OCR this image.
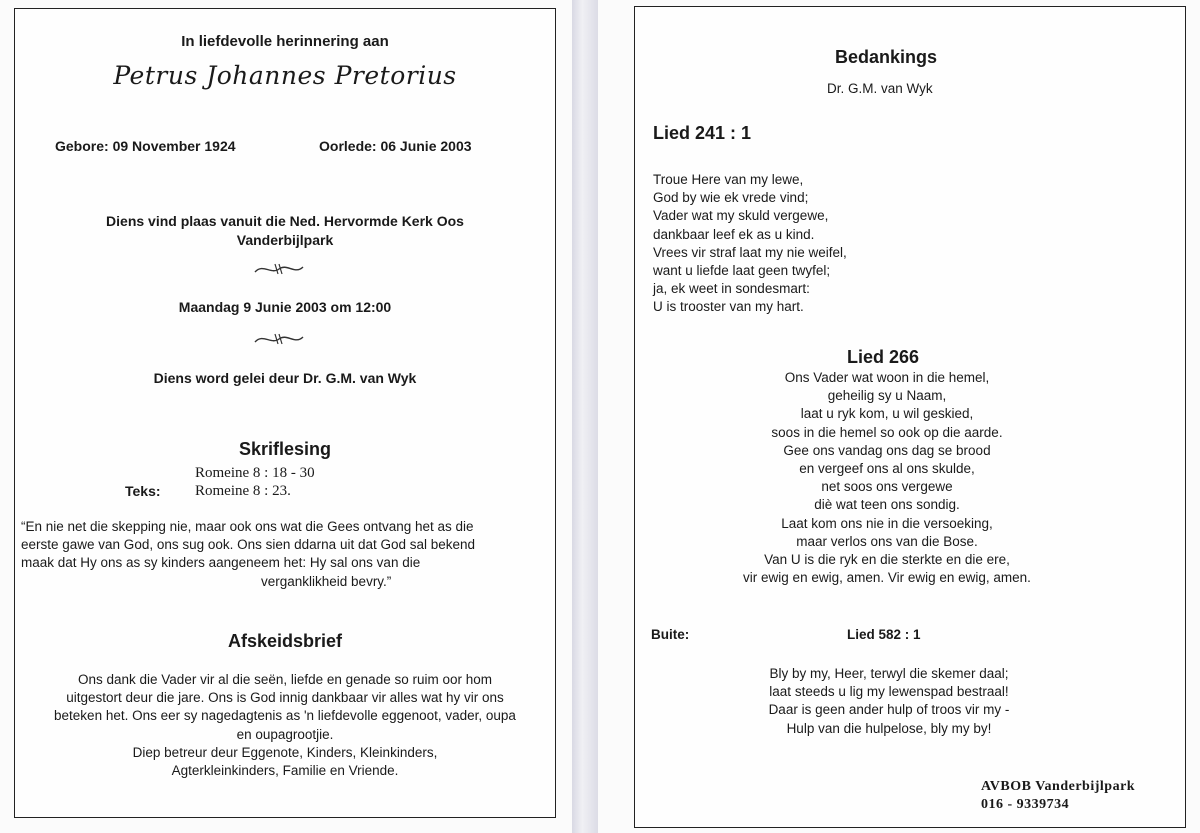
In liefdevolle herinnering aan
Petrus Johannes Pretorius
Gebore: 09 November 1924	Oorlede: 06 Junie 2003
Diens vind plaas vanuit die Ned. Hervormde Kerk Oos
Vanderbijlpark
Maandag 9 Junie 2003 om 12:00
Diens word gelei deur Dr. G.M. van Wyk
Skriflesing
Romeine 8 : 18 - 30
Teks: Romeine 8 : 23.
“En nie net die skepping nie, maar ook ons wat die Gees ontvang het as die
eerste gawe van God, ons sug ook. Ons sien ddarna uit dat God sal bekend
maak dat Hy ons as sy kinders aangeneem het: Hy sal ons van die
verganklikheid bevry.”
Afskeidsbrief
Ons dank die Vader vir al die seën, liefde en genade so ruim oor hom
uitgestort deur die jare. Ons is God innig dankbaar vir alles wat hy vir ons
beteken het. Ons eer sy nagedagtenis as 'n liefdevolle eggenoot, vader, oupa
en oupagrootjie.
Diep betreur deur Eggenote, Kinders, Kleinkinders,
Agterkleinkinders, Familie en Vriende.
Bedankings
Dr. G.M. van Wyk
Lied 241 : 1
Troue Here van my lewe,
God by wie ek vrede vind;
Vader wat my skuld vergewe,
dankbaar leef ek as u kind.
Vrees vir straf laat my nie weifel,
want u liefde laat geen twyfel;
ja, ek weet in sondesmart:
U is trooster van my hart.
Lied 266
Ons Vader wat woon in die hemel,
geheilig sy u Naam,
laat u ryk kom, u wil geskied,
soos in die hemel so ook op die aarde.
Gee ons vandag ons dag se brood
en vergeef ons al ons skulde,
net soos ons vergewe
diè wat teen ons sondig.
Laat kom ons nie in die versoeking,
maar verlos ons van die Bose.
Van U is die ryk en die sterkte en die ere,
vir ewig en ewig, amen. Vir ewig en ewig, amen.
Buite:	Lied 582 : 1
Bly by my, Heer, terwyl die skemer daal;
laat steeds u lig my lewenspad bestraal!
Daar is geen ander hulp of troos vir my -
Hulp van die hulpelose, bly my by!
AVBOB Vanderbijlpark
016 - 9339734
